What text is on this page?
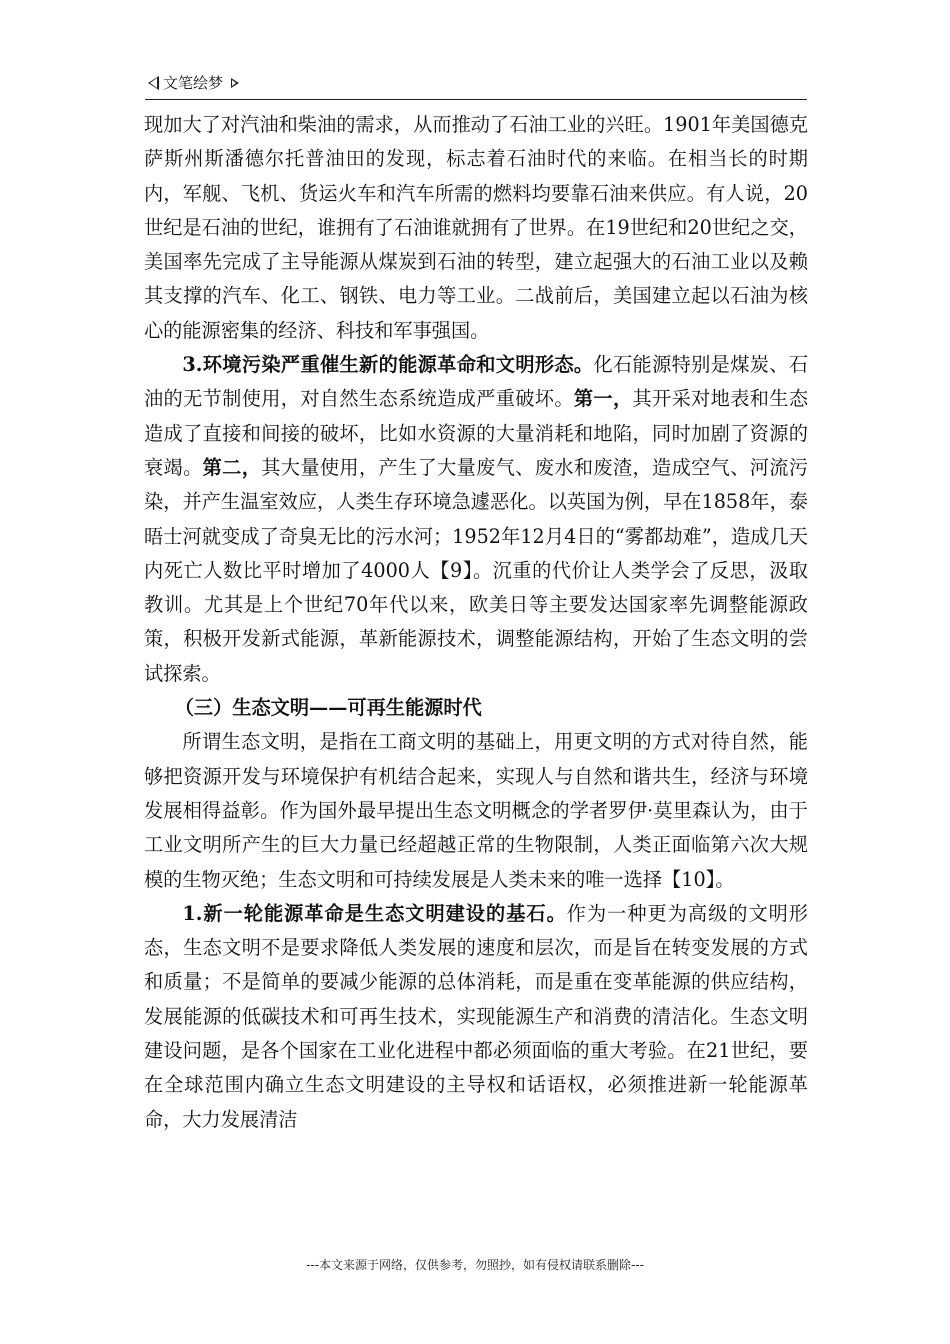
文笔绘梦

现加大了对汽油和柴油的需求，从而推动了石油工业的兴旺。1901年美国德克萨斯州斯潘德尔托普油田的发现，标志着石油时代的来临。在相当长的时期内，军舰、飞机、货运火车和汽车所需的燃料均要靠石油来供应。有人说，20世纪是石油的世纪，谁拥有了石油谁就拥有了世界。在19世纪和20世纪之交，美国率先完成了主导能源从煤炭到石油的转型，建立起强大的石油工业以及赖其支撑的汽车、化工、钢铁、电力等工业。二战前后，美国建立起以石油为核心的能源密集的经济、科技和军事强国。

3.环境污染严重催生新的能源革命和文明形态。化石能源特别是煤炭、石油的无节制使用，对自然生态系统造成严重破坏。第一，其开采对地表和生态造成了直接和间接的破坏，比如水资源的大量消耗和地陷，同时加剧了资源的衰竭。第二，其大量使用，产生了大量废气、废水和废渣，造成空气、河流污染，并产生温室效应，人类生存环境急遽恶化。以英国为例，早在1858年，泰晤士河就变成了奇臭无比的污水河；1952年12月4日的“雾都劫难”，造成几天内死亡人数比平时增加了4000人【9】。沉重的代价让人类学会了反思，汲取教训。尤其是上个世纪70年代以来，欧美日等主要发达国家率先调整能源政策，积极开发新式能源，革新能源技术，调整能源结构，开始了生态文明的尝试探索。

（三）生态文明——可再生能源时代

所谓生态文明，是指在工商文明的基础上，用更文明的方式对待自然，能够把资源开发与环境保护有机结合起来，实现人与自然和谐共生，经济与环境发展相得益彰。作为国外最早提出生态文明概念的学者罗伊·莫里森认为，由于工业文明所产生的巨大力量已经超越正常的生物限制，人类正面临第六次大规模的生物灭绝；生态文明和可持续发展是人类未来的唯一选择【10】。

1.新一轮能源革命是生态文明建设的基石。作为一种更为高级的文明形态，生态文明不是要求降低人类发展的速度和层次，而是旨在转变发展的方式和质量；不是简单的要减少能源的总体消耗，而是重在变革能源的供应结构，发展能源的低碳技术和可再生技术，实现能源生产和消费的清洁化。生态文明建设问题，是各个国家在工业化进程中都必须面临的重大考验。在21世纪，要在全球范围内确立生态文明建设的主导权和话语权，必须推进新一轮能源革命，大力发展清洁

---本文来源于网络，仅供参考，勿照抄，如有侵权请联系删除---
